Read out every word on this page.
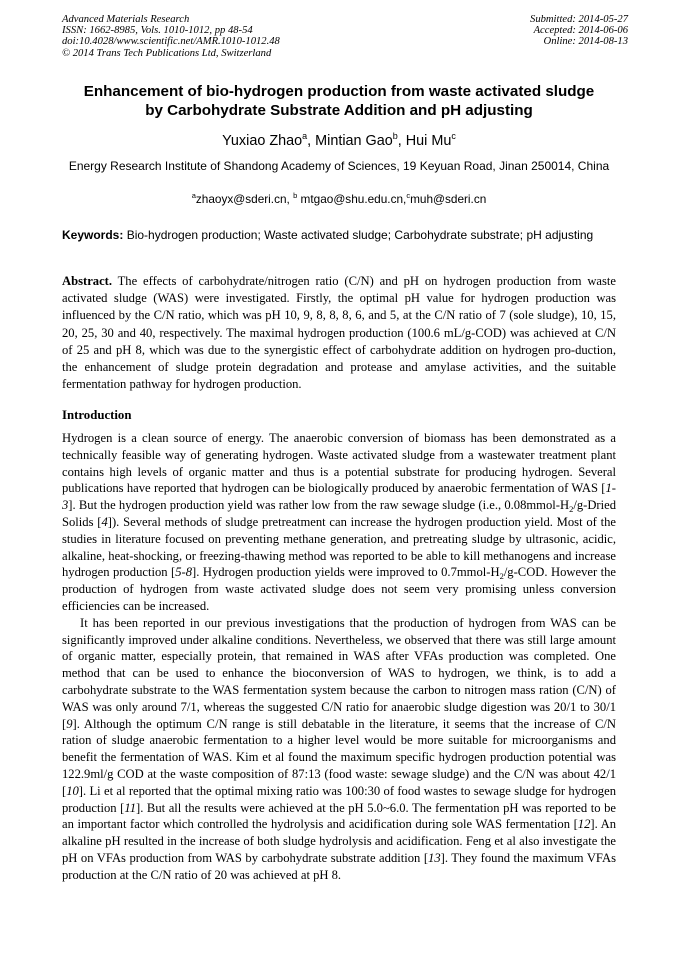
Advanced Materials Research
ISSN: 1662-8985, Vols. 1010-1012, pp 48-54
doi:10.4028/www.scientific.net/AMR.1010-1012.48
© 2014 Trans Tech Publications Ltd, Switzerland
Submitted: 2014-05-27
Accepted: 2014-06-06
Online: 2014-08-13
Enhancement of bio-hydrogen production from waste activated sludge
by Carbohydrate Substrate Addition and pH adjusting
Yuxiao Zhao$^a$, Mintian Gao$^b$, Hui Mu$^c$
Energy Research Institute of Shandong Academy of Sciences, 19 Keyuan Road, Jinan 250014, China
$^a$zhaoyx@sderi.cn, $^b$ mtgao@shu.edu.cn,$^c$muh@sderi.cn
Keywords: Bio-hydrogen production; Waste activated sludge; Carbohydrate substrate; pH adjusting
Abstract. The effects of carbohydrate/nitrogen ratio (C/N) and pH on hydrogen production from waste activated sludge (WAS) were investigated. Firstly, the optimal pH value for hydrogen production was influenced by the C/N ratio, which was pH 10, 9, 8, 8, 8, 6, and 5, at the C/N ratio of 7 (sole sludge), 10, 15, 20, 25, 30 and 40, respectively. The maximal hydrogen production (100.6 mL/g-COD) was achieved at C/N of 25 and pH 8, which was due to the synergistic effect of carbohydrate addition on hydrogen pro-duction, the enhancement of sludge protein degradation and protease and amylase activities, and the suitable fermentation pathway for hydrogen production.
Introduction

Hydrogen is a clean source of energy. The anaerobic conversion of biomass has been demonstrated as a technically feasible way of generating hydrogen. Waste activated sludge from a wastewater treatment plant contains high levels of organic matter and thus is a potential substrate for producing hydrogen. Several publications have reported that hydrogen can be biologically produced by anaerobic fermentation of WAS [1-3]. But the hydrogen production yield was rather low from the raw sewage sludge (i.e., $0.08mmol-H_2/g$-Dried Solids [4]). Several methods of sludge pretreatment can increase the hydrogen production yield. Most of the studies in literature focused on preventing methane generation, and pretreating sludge by ultrasonic, acidic, alkaline, heat-shocking, or freezing-thawing method was reported to be able to kill methanogens and increase hydrogen production [5-8]. Hydrogen production yields were improved to $0.7mmol-H_2/g$-COD. However the production of hydrogen from waste activated sludge does not seem very promising unless conversion efficiencies can be increased.

It has been reported in our previous investigations that the production of hydrogen from WAS can be significantly improved under alkaline conditions. Nevertheless, we observed that there was still large amount of organic matter, especially protein, that remained in WAS after VFAs production was completed. One method that can be used to enhance the bioconversion of WAS to hydrogen, we think, is to add a carbohydrate substrate to the WAS fermentation system because the carbon to nitrogen mass ration (C/N) of WAS was only around 7/1, whereas the suggested C/N ratio for anaerobic sludge digestion was 20/1 to 30/1 [9]. Although the optimum C/N range is still debatable in the literature, it seems that the increase of C/N ration of sludge anaerobic fermentation to a higher level would be more suitable for microorganisms and benefit the fermentation of WAS. Kim et al found the maximum specific hydrogen production potential was 122.9ml/g COD at the waste composition of 87:13 (food waste: sewage sludge) and the C/N was about 42/1 [10]. Li et al reported that the optimal mixing ratio was 100:30 of food wastes to sewage sludge for hydrogen production [11]. But all the results were achieved at the pH 5.0~6.0. The fermentation pH was reported to be an important factor which controlled the hydrolysis and acidification during sole WAS fermentation [12]. An alkaline pH resulted in the increase of both sludge hydrolysis and acidification. Feng et al also investigate the pH on VFAs production from WAS by carbohydrate substrate addition [13]. They found the maximum VFAs production at the C/N ratio of 20 was achieved at pH 8.
